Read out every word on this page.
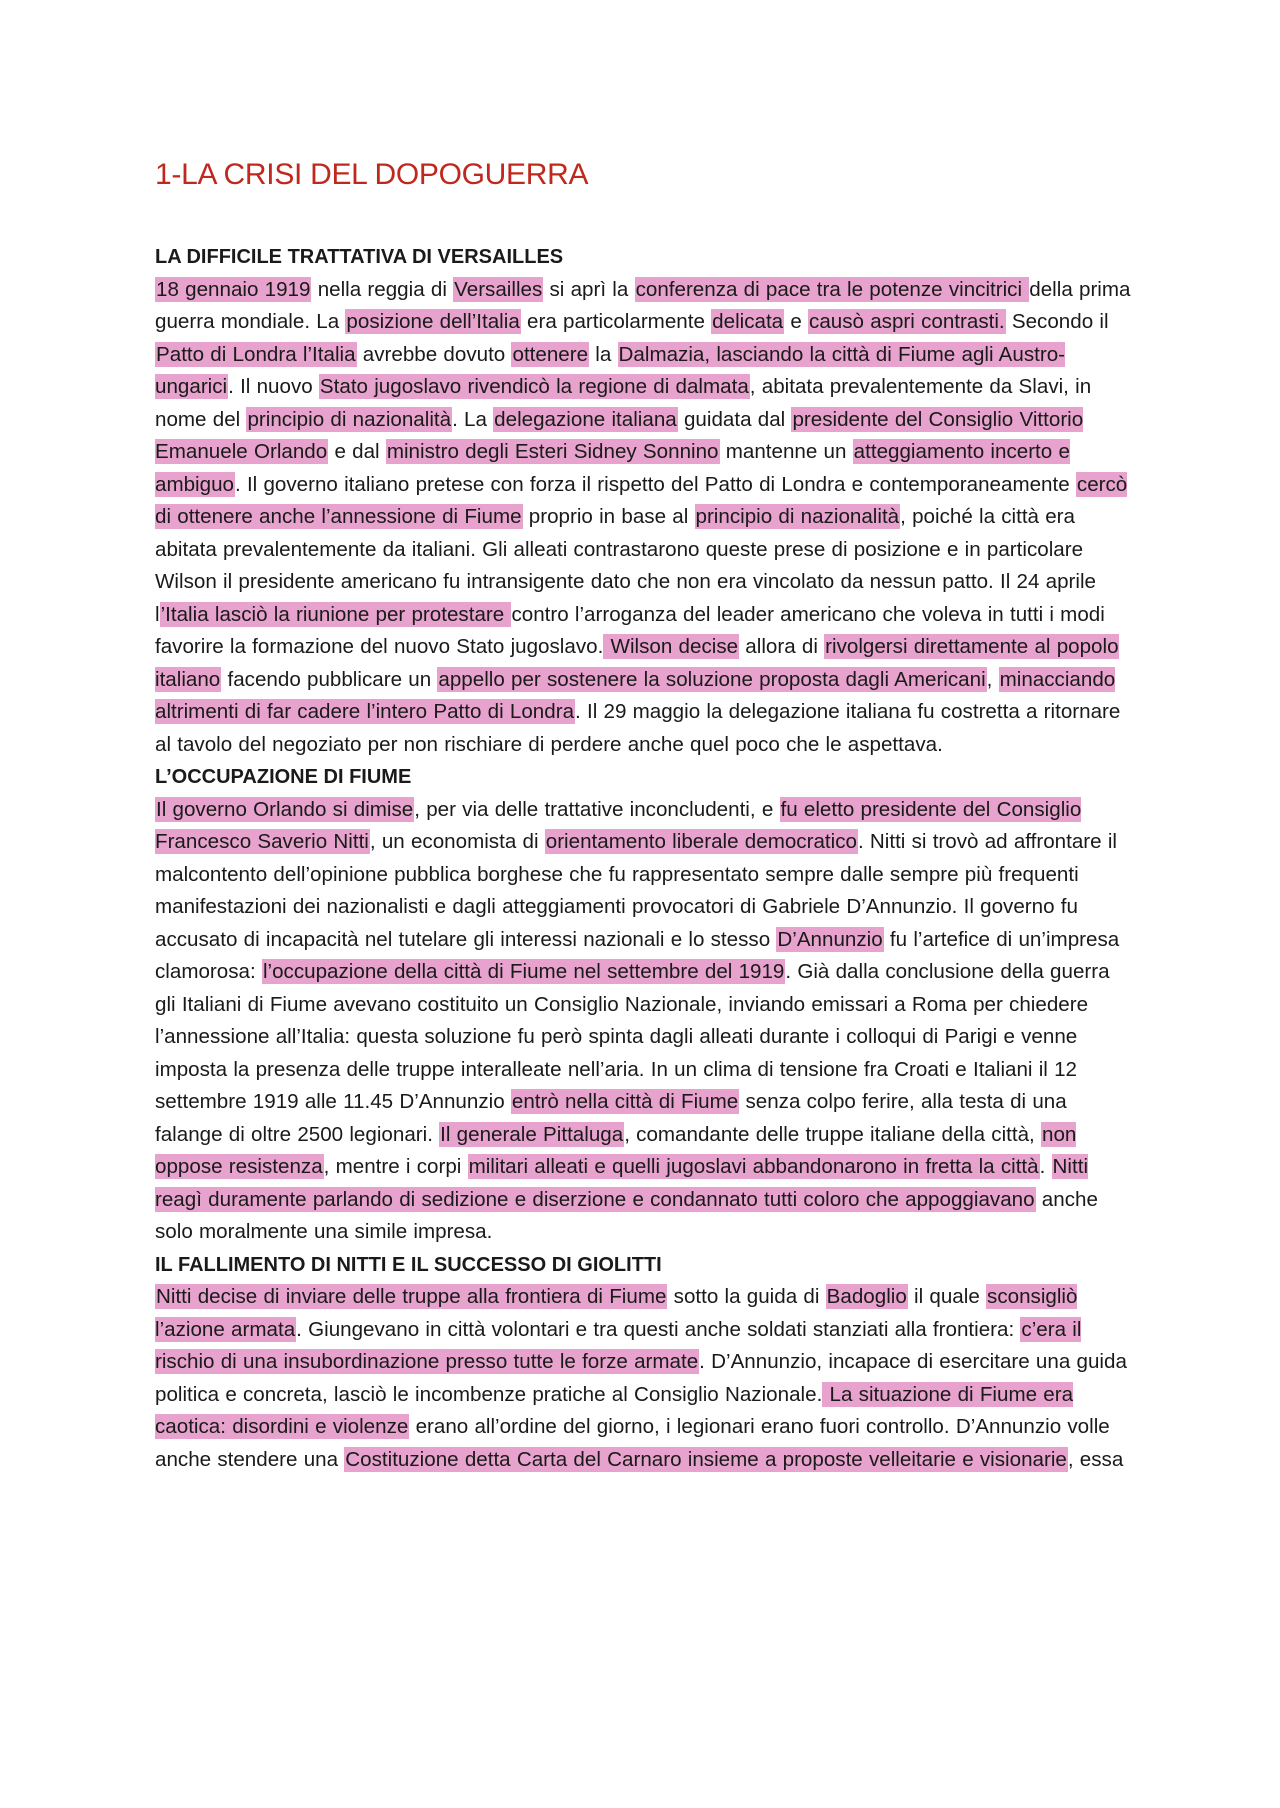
1-LA CRISI DEL DOPOGUERRA
LA DIFFICILE TRATTATIVA DI VERSAILLES

18 gennaio 1919 nella reggia di Versailles si aprì la conferenza di pace tra le potenze vincitrici della prima guerra mondiale. La posizione dell’Italia era particolarmente delicata e causò aspri contrasti. Secondo il Patto di Londra l’Italia avrebbe dovuto ottenere la Dalmazia, lasciando la città di Fiume agli Austro-ungarici. Il nuovo Stato jugoslavo rivendicò la regione di dalmata, abitata prevalentemente da Slavi, in nome del principio di nazionalità. La delegazione italiana guidata dal presidente del Consiglio Vittorio Emanuele Orlando e dal ministro degli Esteri Sidney Sonnino mantenne un atteggiamento incerto e ambiguo. Il governo italiano pretese con forza il rispetto del Patto di Londra e contemporaneamente cercò di ottenere anche l’annessione di Fiume proprio in base al principio di nazionalità, poiché la città era abitata prevalentemente da italiani. Gli alleati contrastarono queste prese di posizione e in particolare Wilson il presidente americano fu intransigente dato che non era vincolato da nessun patto. Il 24 aprile l’Italia lasciò la riunione per protestare contro l’arroganza del leader americano che voleva in tutti i modi favorire la formazione del nuovo Stato jugoslavo. Wilson decise allora di rivolgersi direttamente al popolo italiano facendo pubblicare un appello per sostenere la soluzione proposta dagli Americani, minacciando altrimenti di far cadere l’intero Patto di Londra. Il 29 maggio la delegazione italiana fu costretta a ritornare al tavolo del negoziato per non rischiare di perdere anche quel poco che le aspettava.

L’OCCUPAZIONE DI FIUME

Il governo Orlando si dimise, per via delle trattative inconcludenti, e fu eletto presidente del Consiglio Francesco Saverio Nitti, un economista di orientamento liberale democratico. Nitti si trovò ad affrontare il malcontento dell’opinione pubblica borghese che fu rappresentato sempre dalle sempre più frequenti manifestazioni dei nazionalisti e dagli atteggiamenti provocatori di Gabriele D’Annunzio. Il governo fu accusato di incapacità nel tutelare gli interessi nazionali e lo stesso D’Annunzio fu l’artefice di un’impresa clamorosa: l’occupazione della città di Fiume nel settembre del 1919. Già dalla conclusione della guerra gli Italiani di Fiume avevano costituito un Consiglio Nazionale, inviando emissari a Roma per chiedere l’annessione all’Italia: questa soluzione fu però spinta dagli alleati durante i colloqui di Parigi e venne imposta la presenza delle truppe interalleate nell’aria. In un clima di tensione fra Croati e Italiani il 12 settembre 1919 alle 11.45 D’Annunzio entrò nella città di Fiume senza colpo ferire, alla testa di una falange di oltre 2500 legionari. Il generale Pittaluga, comandante delle truppe italiane della città, non oppose resistenza, mentre i corpi militari alleati e quelli jugoslavi abbandonarono in fretta la città. Nitti reagì duramente parlando di sedizione e diserzione e condannato tutti coloro che appoggiavano anche solo moralmente una simile impresa.

IL FALLIMENTO DI NITTI E IL SUCCESSO DI GIOLITTI

Nitti decise di inviare delle truppe alla frontiera di Fiume sotto la guida di Badoglio il quale sconsigliò l’azione armata. Giungevano in città volontari e tra questi anche soldati stanziati alla frontiera: c’era il rischio di una insubordinazione presso tutte le forze armate. D’Annunzio, incapace di esercitare una guida politica e concreta, lasciò le incombenze pratiche al Consiglio Nazionale. La situazione di Fiume era caotica: disordini e violenze erano all’ordine del giorno, i legionari erano fuori controllo. D’Annunzio volle anche stendere una Costituzione detta Carta del Carnaro insieme a proposte velleitarie e visionarie, essa
